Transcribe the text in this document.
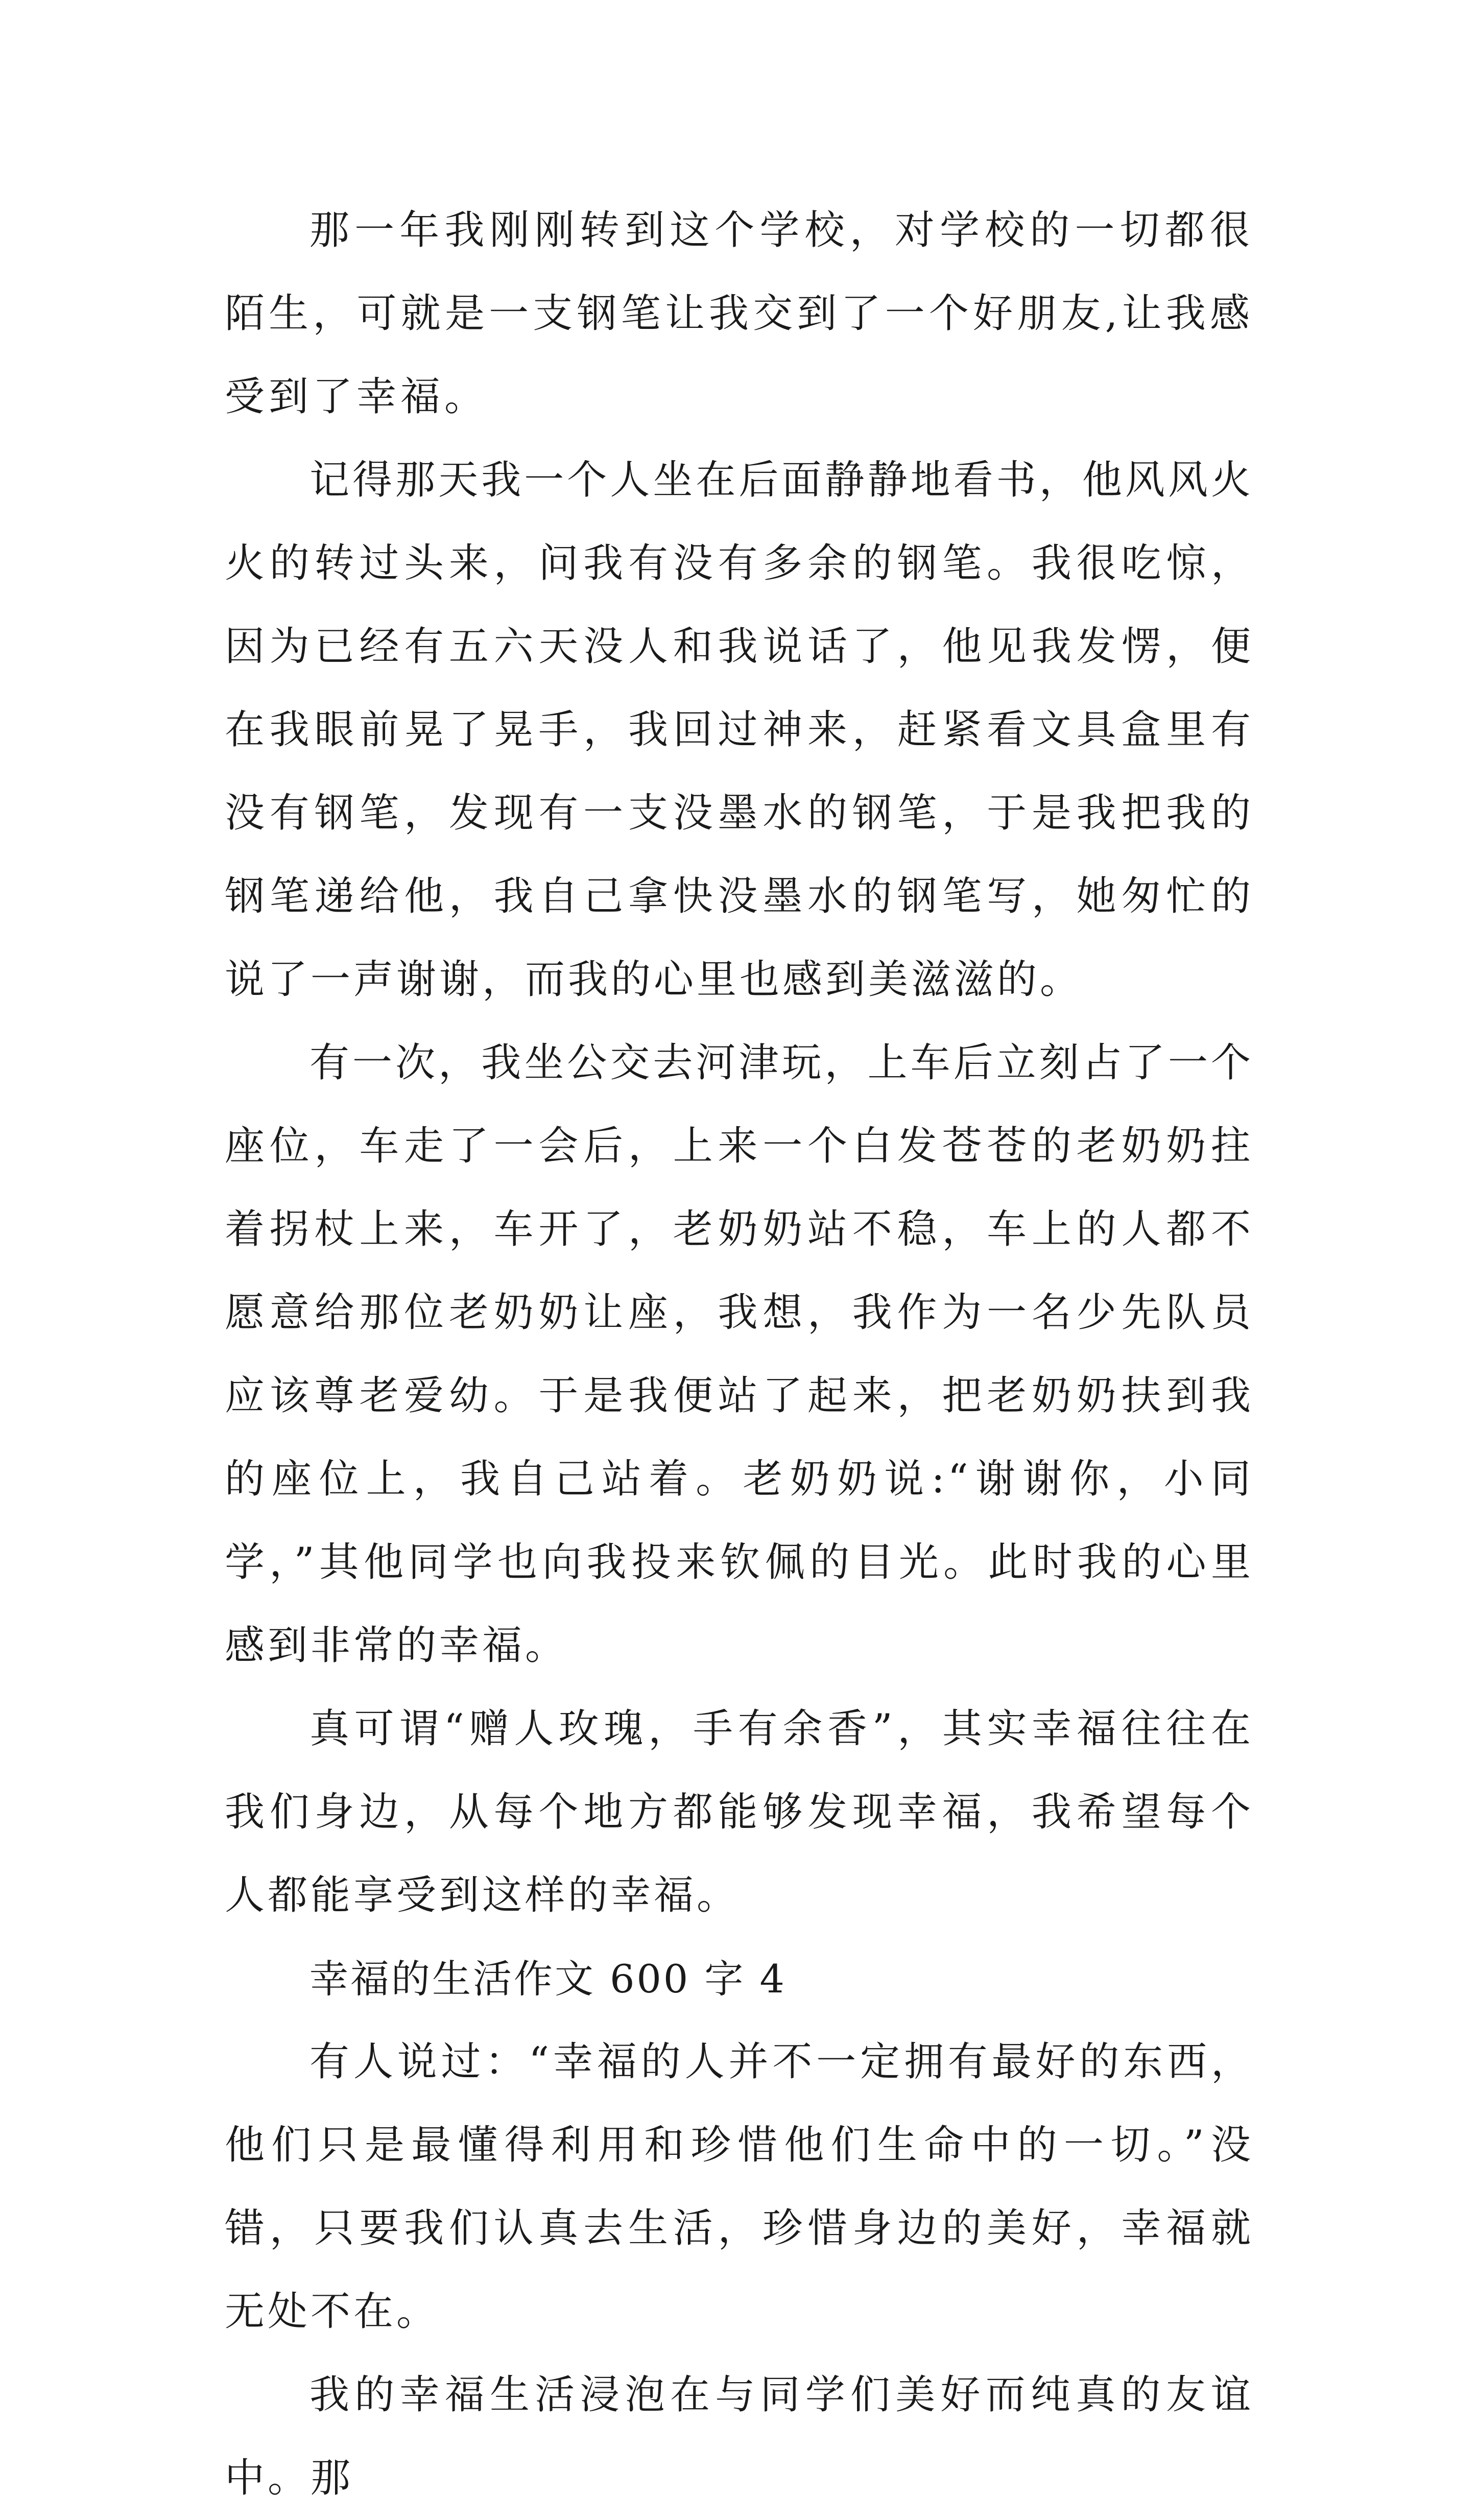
那一年我刚刚转到这个学校，对学校的一切都很陌生，可就是一支钢笔让我交到了一个好朋友,让我感受到了幸福。

记得那天我一个人坐在后面静静地看书，他风风火火的转过头来，问我有没有多余的钢笔。我很吃惊，因为已经有五六天没人和我说话了，他见我发愣，便在我眼前晃了晃手，我回过神来，赶紧看文具盒里有没有钢笔，发现有一支没墨水的钢笔，于是我把我的钢笔递给他，我自己拿快没墨水的钢笔写，她匆忙的说了一声谢谢，而我的心里也感到美滋滋的。

有一次，我坐公交去河津玩，上车后立刻占了一个座位，车走了一会后，上来一个白发苍苍的老奶奶拄着拐杖上来，车开了，老奶奶站不稳，车上的人都不愿意给那位老奶奶让座，我想，我作为一名少先队员应该尊老爱幼。于是我便站了起来，把老奶奶扶到我的座位上，我自己站着。老奶奶说:“谢谢你，小同学，”其他同学也向我投来钦佩的目光。此时我的心里感到非常的幸福。

真可谓“赠人玫瑰，手有余香”，其实幸福往往在我们身边，从每个地方都能够发现幸福，我希望每个人都能享受到这样的幸福。

幸福的生活作文 600 字 4

有人说过：“幸福的人并不一定拥有最好的东西，他们只是最懂得利用和珍惜他们生命中的一切。”没错，只要我们认真去生活，珍惜身边的美好，幸福就无处不在。

我的幸福生活浸泡在与同学们美好而纯真的友谊中。那
